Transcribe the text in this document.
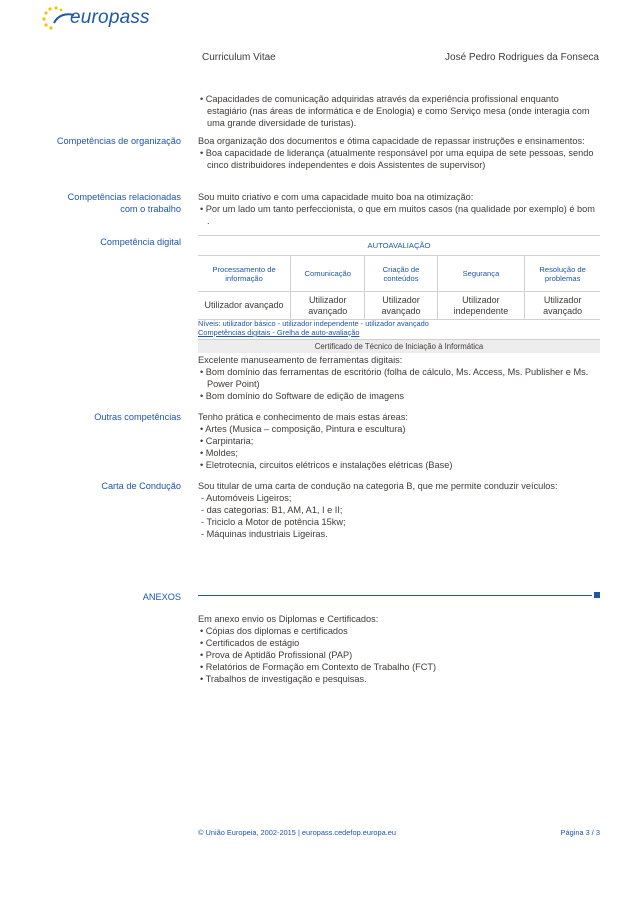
europass
Curriculum Vitae	José Pedro Rodrigues da Fonseca

• Capacidades de comunicação adquiridas através da experiência profissional enquanto estagiário (nas áreas de informática e de Enologia) e como Serviço mesa (onde interagia com uma grande diversidade de turistas).

Competências de organização Boa organização dos documentos e ótima capacidade de repassar instruções e ensinamentos:

• Boa capacidade de liderança (atualmente responsável por uma equipa de sete pessoas, sendo cinco distribuidores independentes e dois Assistentes de supervisor)

Competências relacionadas
com o trabalho

Sou muito criativo e com uma capacidade muito boa na otimização:

• Por um lado um tanto perfeccionista, o que em muitos casos (na qualidade por exemplo) é bom .

Competência digital	AUTOAVALIAÇÃO				
Processamento de informação	Comunicação	Criação de conteúdos	Segurança	Resolução de problemas
Utilizador avançado	Utilizador avançado	Utilizador avançado	Utilizador independente	Utilizador avançado
Níveis: utilizador básico - utilizador independente - utilizador avançado
Competências digitais - Grelha de auto-avaliação
Certificado de Técnico de Iniciação à Informática

Excelente manuseamento de ferramentas digitais:

• Bom domínio das ferramentas de escritório (folha de cálculo, Ms. Access, Ms. Publisher e Ms. Power Point)

• Bom domínio do Software de edição de imagens

Outras competências Tenho prática e conhecimento de mais estas áreas:

• Artes (Musica – composição, Pintura e escultura)

• Carpintaria;

• Moldes;

• Eletrotecnia, circuitos elétricos e instalações elétricas (Base)

Carta de Condução Sou titular de uma carta de condução na categoria B, que me permite conduzir veículos:

- Automóveis Ligeiros;

- das categorias: B1, AM, A1, I e II;

- Triciclo a Motor de potência 15kw;

- Máquinas industriais Ligeiras.

ANEXOS

Em anexo envio os Diplomas e Certificados:

• Cópias dos diplomas e certificados

• Certificados de estágio

• Prova de Aptidão Profissional (PAP)

• Relatórios de Formação em Contexto de Trabalho (FCT)

• Trabalhos de investigação e pesquisas.

© União Europeia, 2002-2015 | europass.cedefop.europa.eu	Página 3 / 3
